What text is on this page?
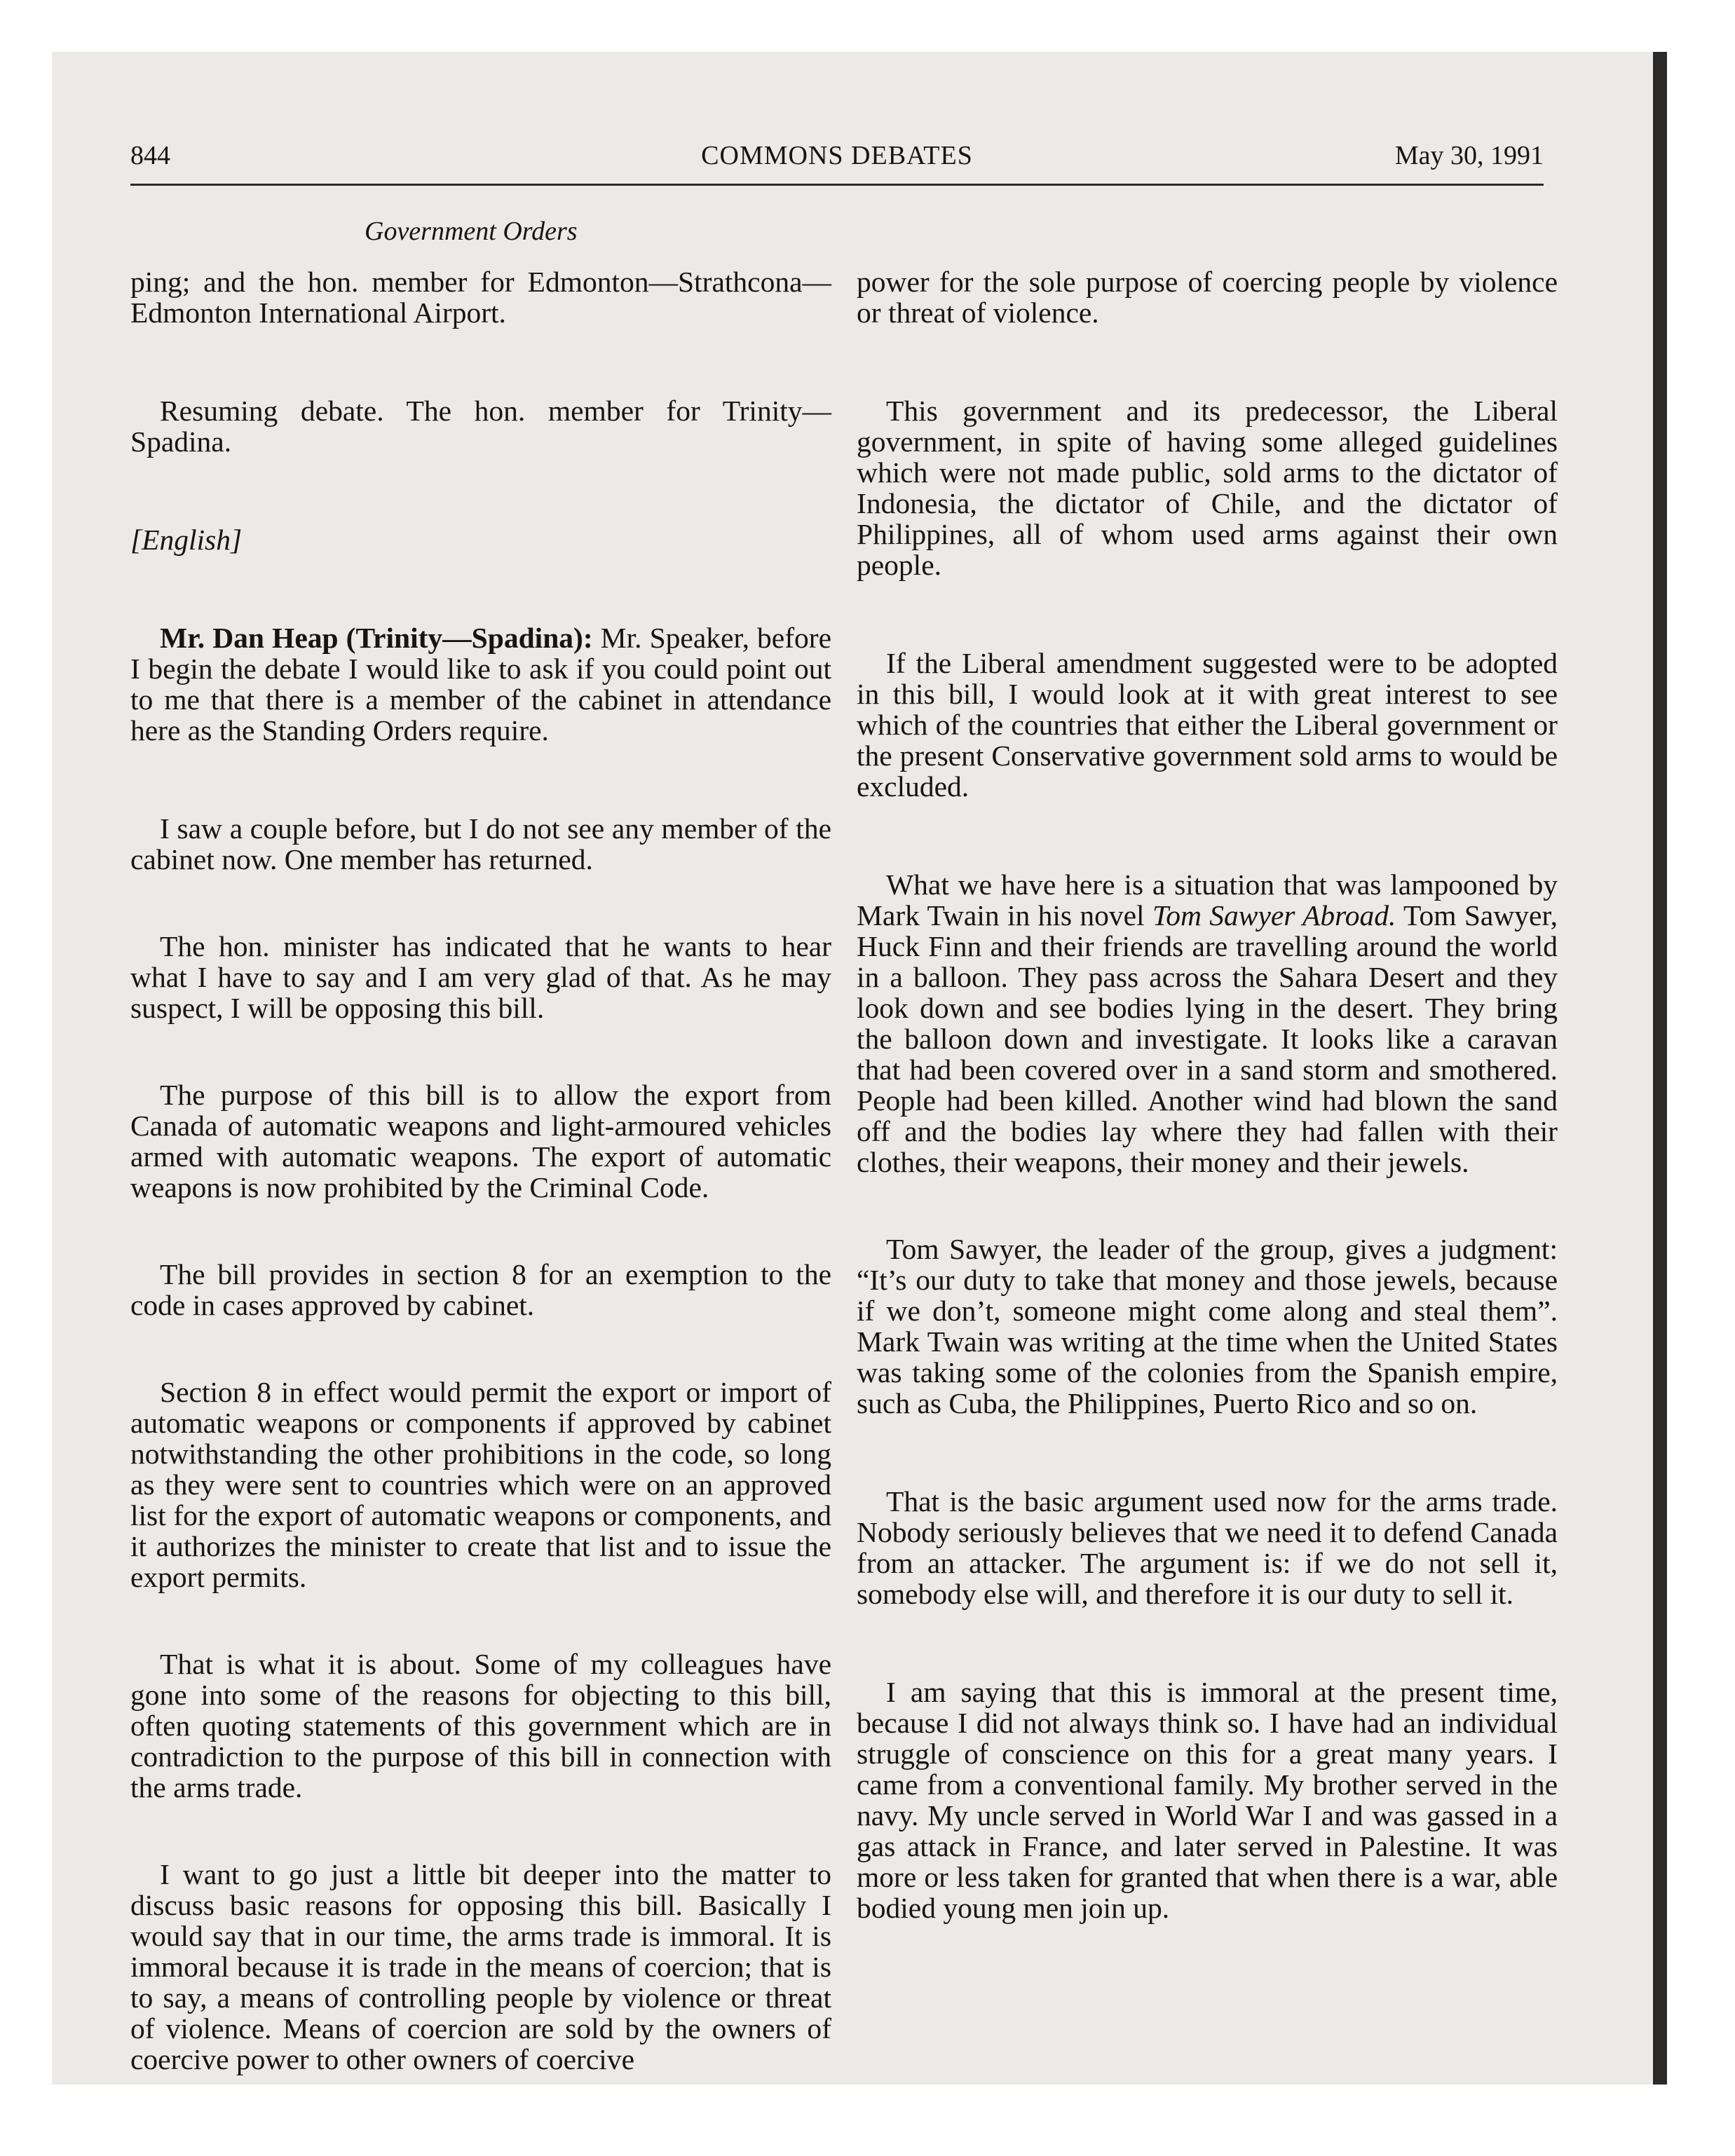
844	COMMONS DEBATES	May 30, 1991
Government Orders

ping; and the hon. member for Edmonton—Strathcona—Edmonton International Airport.

Resuming debate. The hon. member for Trinity—Spadina.

[English]

Mr. Dan Heap (Trinity—Spadina): Mr. Speaker, before I begin the debate I would like to ask if you could point out to me that there is a member of the cabinet in attendance here as the Standing Orders require.

I saw a couple before, but I do not see any member of the cabinet now. One member has returned.

The hon. minister has indicated that he wants to hear what I have to say and I am very glad of that. As he may suspect, I will be opposing this bill.

The purpose of this bill is to allow the export from Canada of automatic weapons and light-armoured vehicles armed with automatic weapons. The export of automatic weapons is now prohibited by the Criminal Code.

The bill provides in section 8 for an exemption to the code in cases approved by cabinet.

Section 8 in effect would permit the export or import of automatic weapons or components if approved by cabinet notwithstanding the other prohibitions in the code, so long as they were sent to countries which were on an approved list for the export of automatic weapons or components, and it authorizes the minister to create that list and to issue the export permits.

That is what it is about. Some of my colleagues have gone into some of the reasons for objecting to this bill, often quoting statements of this government which are in contradiction to the purpose of this bill in connection with the arms trade.

I want to go just a little bit deeper into the matter to discuss basic reasons for opposing this bill. Basically I would say that in our time, the arms trade is immoral. It is immoral because it is trade in the means of coercion; that is to say, a means of controlling people by violence or threat of violence. Means of coercion are sold by the owners of coercive power to other owners of coercive

power for the sole purpose of coercing people by violence or threat of violence.

This government and its predecessor, the Liberal government, in spite of having some alleged guidelines which were not made public, sold arms to the dictator of Indonesia, the dictator of Chile, and the dictator of Philippines, all of whom used arms against their own people.

If the Liberal amendment suggested were to be adopted in this bill, I would look at it with great interest to see which of the countries that either the Liberal government or the present Conservative government sold arms to would be excluded.

What we have here is a situation that was lampooned by Mark Twain in his novel Tom Sawyer Abroad. Tom Sawyer, Huck Finn and their friends are travelling around the world in a balloon. They pass across the Sahara Desert and they look down and see bodies lying in the desert. They bring the balloon down and investigate. It looks like a caravan that had been covered over in a sand storm and smothered. People had been killed. Another wind had blown the sand off and the bodies lay where they had fallen with their clothes, their weapons, their money and their jewels.

Tom Sawyer, the leader of the group, gives a judgment: “It’s our duty to take that money and those jewels, because if we don’t, someone might come along and steal them”. Mark Twain was writing at the time when the United States was taking some of the colonies from the Spanish empire, such as Cuba, the Philippines, Puerto Rico and so on.

That is the basic argument used now for the arms trade. Nobody seriously believes that we need it to defend Canada from an attacker. The argument is: if we do not sell it, somebody else will, and therefore it is our duty to sell it.

I am saying that this is immoral at the present time, because I did not always think so. I have had an individual struggle of conscience on this for a great many years. I came from a conventional family. My brother served in the navy. My uncle served in World War I and was gassed in a gas attack in France, and later served in Palestine. It was more or less taken for granted that when there is a war, able bodied young men join up.
